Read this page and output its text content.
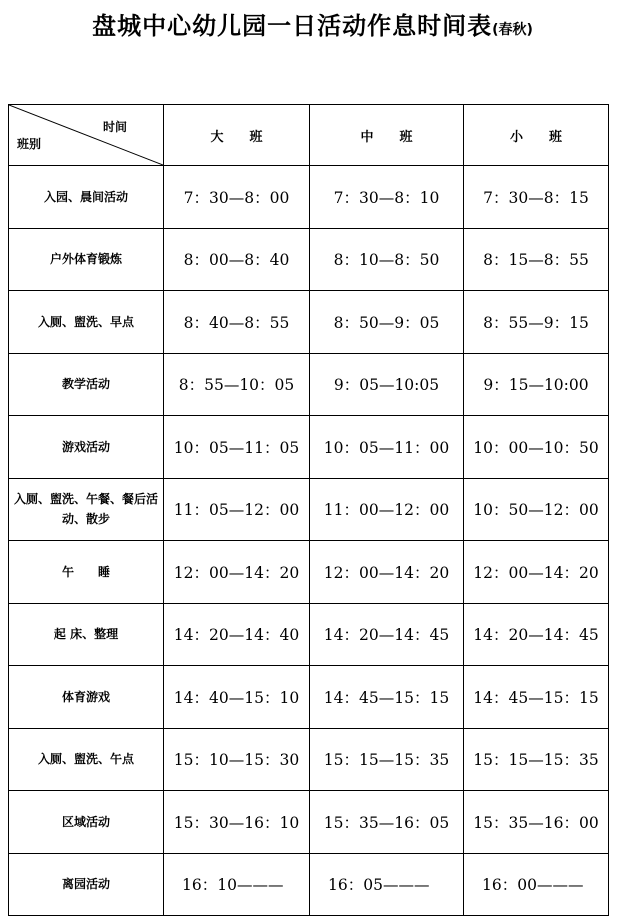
盘城中心幼儿园一日活动作息时间表(春秋)
时间
班别	大　　班	中　　班	小　　班
入园、晨间活动	7：30—8：00	7：30—8：10	7：30—8：15
户外体育锻炼	8：00—8：40	8：10—8：50	8：15—8：55
入厕、盥洗、早点	8：40—8：55	8：50—9：05	8：55—9：15
教学活动	8：55—10：05	9：05—10:05	9：15—10:00
游戏活动	10：05—11：05	10：05—11：00	10：00—10：50
入厕、盥洗、午餐、餐后活动、散步	11：05—12：00	11：00—12：00	10：50—12：00
午　　睡	12：00—14：20	12：00—14：20	12：00—14：20
起 床、整理	14：20—14：40	14：20—14：45	14：20—14：45
体育游戏	14：40—15：10	14：45—15：15	14：45—15：15
入厕、盥洗、午点	15：10—15：30	15：15—15：35	15：15—15：35
区域活动	15：30—16：10	15：35—16：05	15：35—16：00
离园活动	16：10———	16：05———	16：00———
